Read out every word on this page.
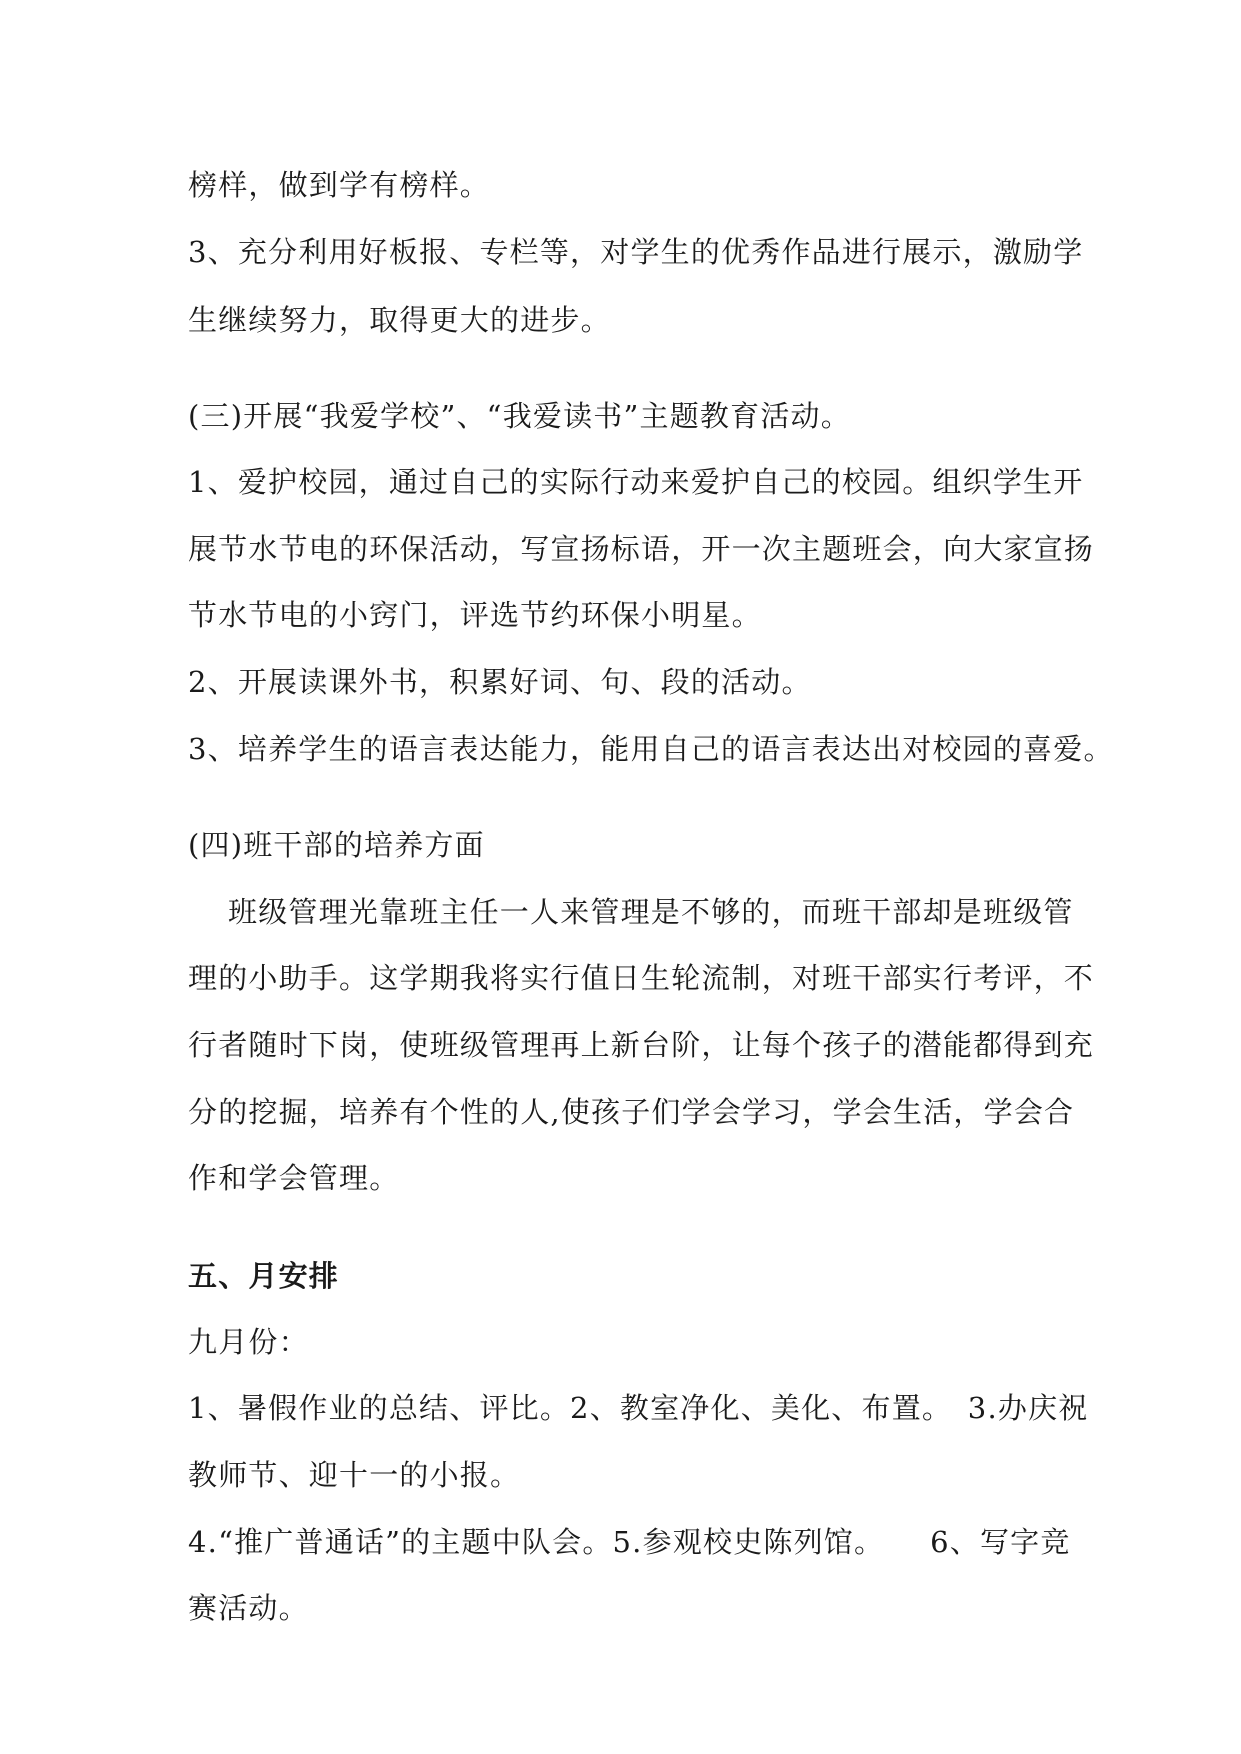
榜样，做到学有榜样。
3、充分利用好板报、专栏等，对学生的优秀作品进行展示，激励学
生继续努力，取得更大的进步。
(三)开展“我爱学校”、“我爱读书”主题教育活动。
1、爱护校园，通过自己的实际行动来爱护自己的校园。组织学生开
展节水节电的环保活动，写宣扬标语，开一次主题班会，向大家宣扬
节水节电的小窍门，评选节约环保小明星。
2、开展读课外书，积累好词、句、段的活动。
3、培养学生的语言表达能力，能用自己的语言表达出对校园的喜爱。
(四)班干部的培养方面
班级管理光靠班主任一人来管理是不够的，而班干部却是班级管
理的小助手。这学期我将实行值日生轮流制，对班干部实行考评，不
行者随时下岗，使班级管理再上新台阶，让每个孩子的潜能都得到充
分的挖掘，培养有个性的人,使孩子们学会学习，学会生活，学会合
作和学会管理。
五、月安排
九月份：
1、暑假作业的总结、评比。2、教室净化、美化、布置。　3.办庆祝
教师节、迎十一的小报。
4.“推广普通话”的主题中队会。5.参观校史陈列馆。　　6、写字竞
赛活动。
